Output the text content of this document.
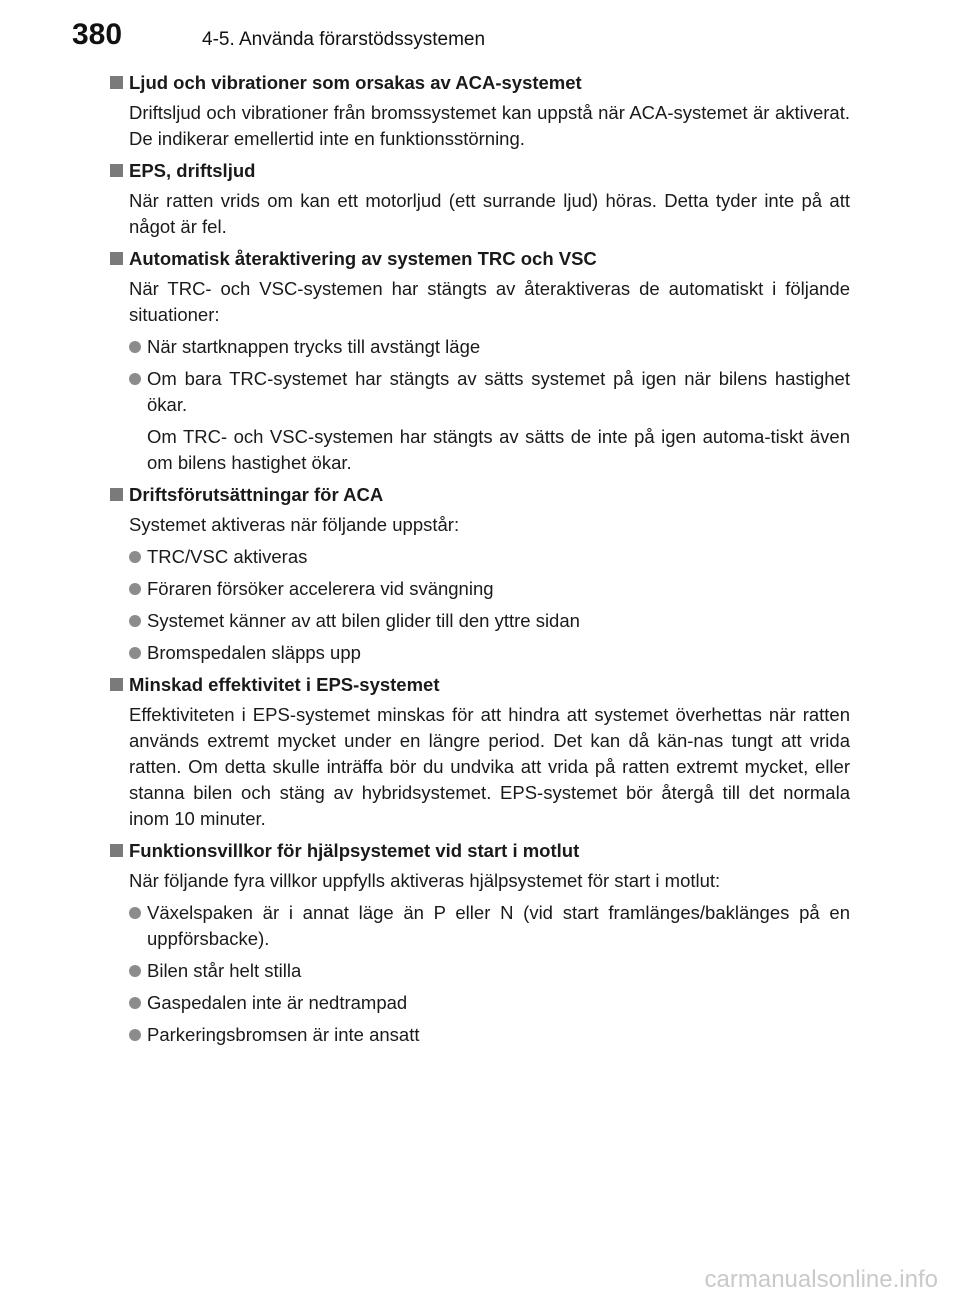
380	4-5. Använda förarstödssystemen
Ljud och vibrationer som orsakas av ACA-systemet

Driftsljud och vibrationer från bromssystemet kan uppstå när ACA-systemet är aktiverat. De indikerar emellertid inte en funktionsstörning.

EPS, driftsljud

När ratten vrids om kan ett motorljud (ett surrande ljud) höras. Detta tyder inte på att något är fel.

Automatisk återaktivering av systemen TRC och VSC

När TRC- och VSC-systemen har stängts av återaktiveras de automatiskt i följande situationer:

När startknappen trycks till avstängt läge
Om bara TRC-systemet har stängts av sätts systemet på igen när bilens hastighet ökar.

Om TRC- och VSC-systemen har stängts av sätts de inte på igen automa-tiskt även om bilens hastighet ökar.

Driftsförutsättningar för ACA

Systemet aktiveras när följande uppstår:

TRC/VSC aktiveras
Föraren försöker accelerera vid svängning
Systemet känner av att bilen glider till den yttre sidan
Bromspedalen släpps upp
Minskad effektivitet i EPS-systemet

Effektiviteten i EPS-systemet minskas för att hindra att systemet överhettas när ratten används extremt mycket under en längre period. Det kan då kän-nas tungt att vrida ratten. Om detta skulle inträffa bör du undvika att vrida på ratten extremt mycket, eller stanna bilen och stäng av hybridsystemet. EPS-systemet bör återgå till det normala inom 10 minuter.

Funktionsvillkor för hjälpsystemet vid start i motlut

När följande fyra villkor uppfylls aktiveras hjälpsystemet för start i motlut:

Växelspaken är i annat läge än P eller N (vid start framlänges/baklänges på en uppförsbacke).
Bilen står helt stilla
Gaspedalen inte är nedtrampad
Parkeringsbromsen är inte ansatt
carmanualsonline.info
